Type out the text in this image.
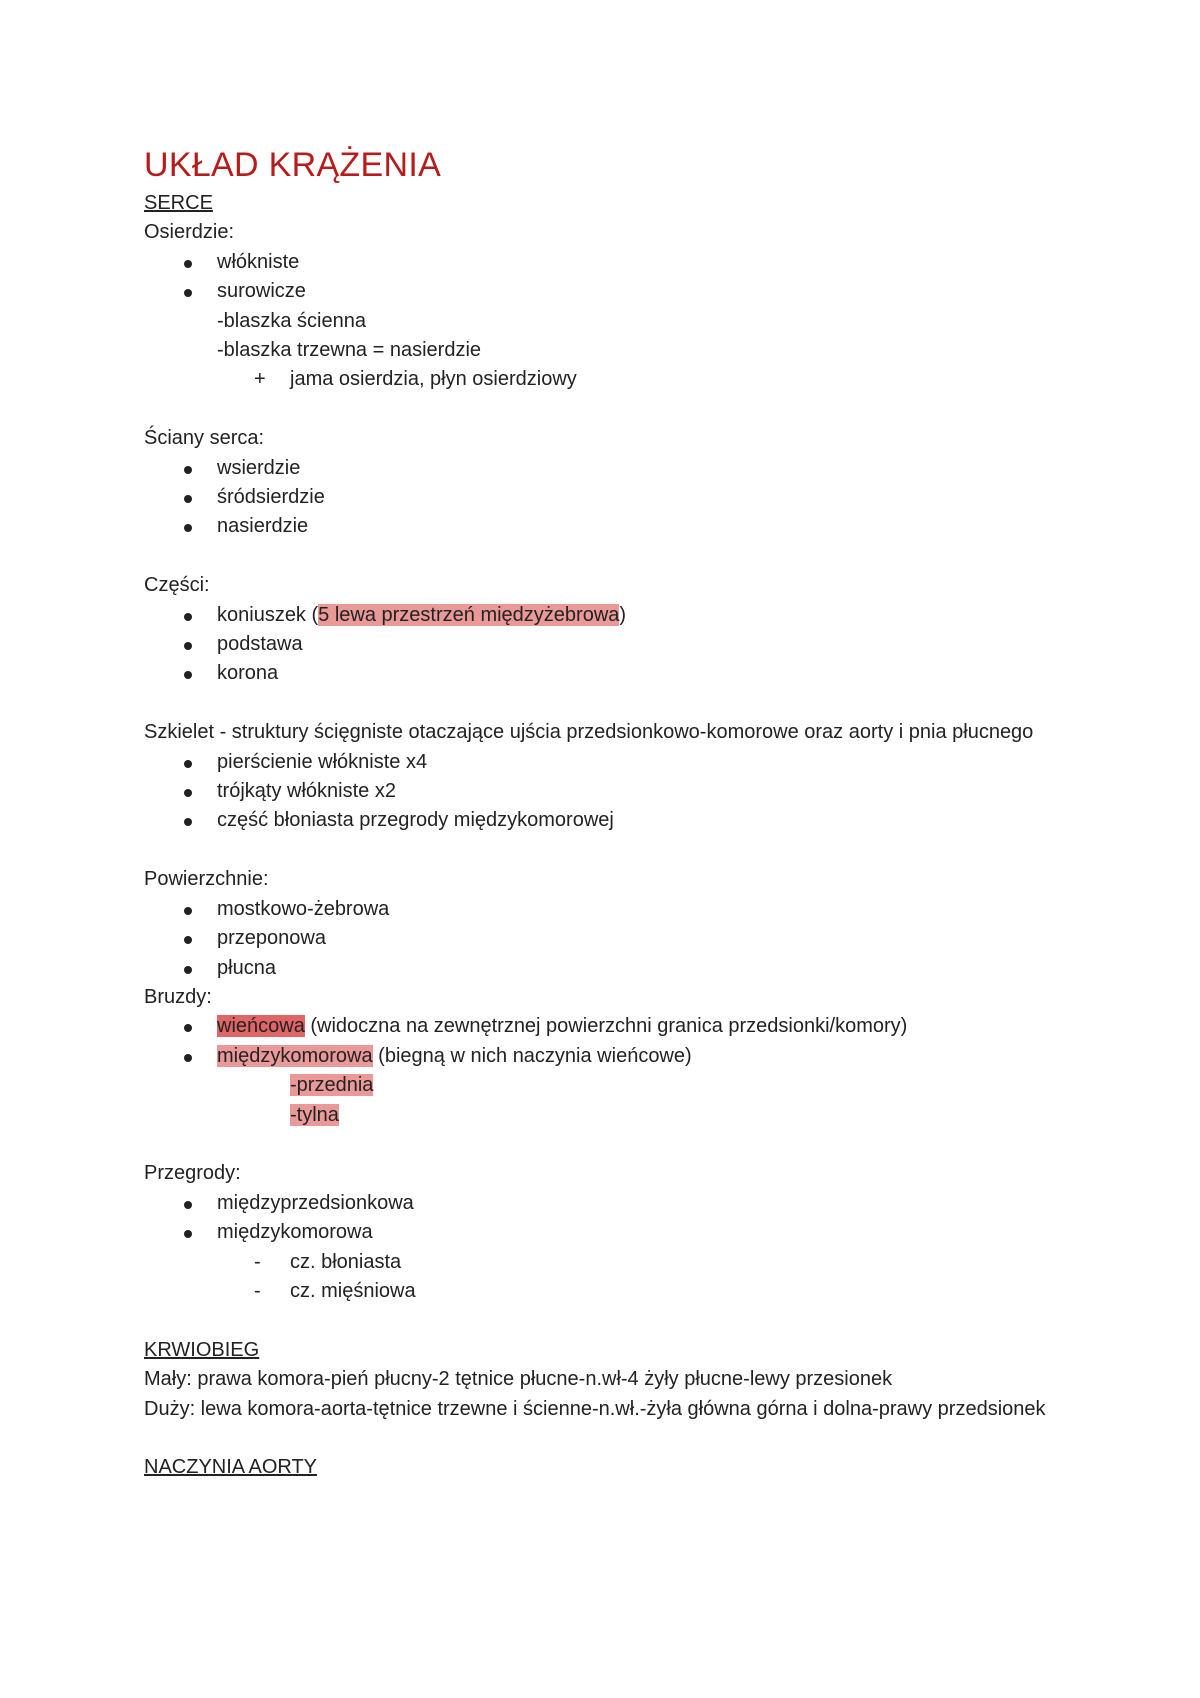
UKŁAD KRĄŻENIA
SERCE
Osierdzie:
włókniste
surowicze
-blaszka ścienna
-blaszka trzewna = nasierdzie
+ jama osierdzia, płyn osierdziowy
Ściany serca:
wsierdzie
śródsierdzie
nasierdzie
Części:
koniuszek (5 lewa przestrzeń międzyżebrowa)
podstawa
korona
Szkielet - struktury ścięgniste otaczające ujścia przedsionkowo-komorowe oraz aorty i pnia płucnego
pierścienie włókniste x4
trójkąty włókniste x2
część błoniasta przegrody międzykomorowej
Powierzchnie:
mostkowo-żebrowa
przeponowa
płucna
Bruzdy:
wieńcowa (widoczna na zewnętrznej powierzchni granica przedsionki/komory)
międzykomorowa (biegną w nich naczynia wieńcowe)
-przednia
-tylna
Przegrody:
międzyprzedsionkowa
międzykomorowa
- cz. błoniasta
- cz. mięśniowa
KRWIOBIEG
Mały: prawa komora-pień płucny-2 tętnice płucne-n.wł-4 żyły płucne-lewy przesionek
Duży: lewa komora-aorta-tętnice trzewne i ścienne-n.wł.-żyła główna górna i dolna-prawy przedsionek
NACZYNIA AORTY
